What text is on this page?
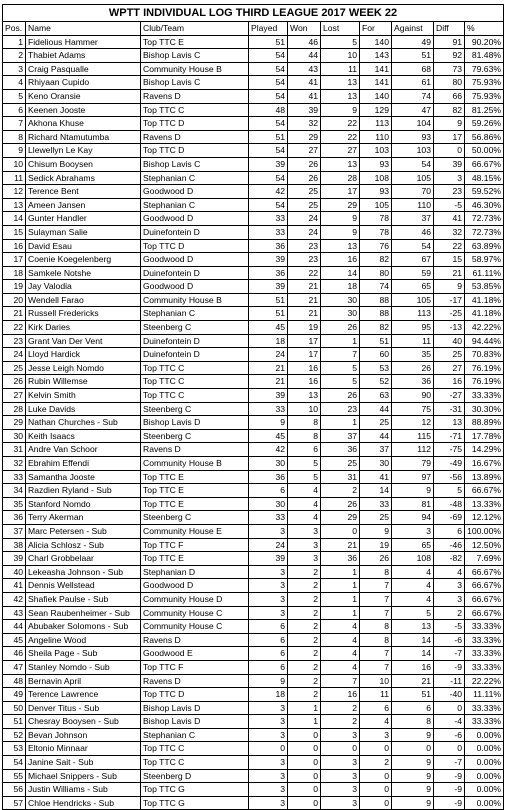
WPTT INDIVIDUAL LOG THIRD LEAGUE 2017 WEEK 22									
Pos.	Name	Club/Team	Played	Won	Lost	For	Against	Diff	%
1	Fidelious Hammer	Top TTC E	51	46	5	140	49	91	90.20%
2	Thabiet Adams	Bishop Lavis C	54	44	10	143	51	92	81.48%
3	Craig Pasqualle	Community House B	54	43	11	141	68	73	79.63%
4	Rhiyaan Cupido	Bishop Lavis C	54	41	13	141	61	80	75.93%
5	Keno Oransie	Ravens D	54	41	13	140	74	66	75.93%
6	Keenen Jooste	Top TTC C	48	39	9	129	47	82	81.25%
7	Akhona Khuse	Top TTC D	54	32	22	113	104	9	59.26%
8	Richard Ntamutumba	Ravens D	51	29	22	110	93	17	56.86%
9	Llewellyn Le Kay	Top TTC D	54	27	27	103	103	0	50.00%
10	Chisum Booysen	Bishop Lavis C	39	26	13	93	54	39	66.67%
11	Sedick Abrahams	Stephanian C	54	26	28	108	105	3	48.15%
12	Terence Bent	Goodwood D	42	25	17	93	70	23	59.52%
13	Ameen Jansen	Stephanian C	54	25	29	105	110	-5	46.30%
14	Gunter Handler	Goodwood D	33	24	9	78	37	41	72.73%
15	Sulayman Salie	Duinefontein D	33	24	9	78	46	32	72.73%
16	David Esau	Top TTC D	36	23	13	76	54	22	63.89%
17	Coenie Koegelenberg	Goodwood D	39	23	16	82	67	15	58.97%
18	Samkele Notshe	Duinefontein D	36	22	14	80	59	21	61.11%
19	Jay Valodia	Goodwood D	39	21	18	74	65	9	53.85%
20	Wendell Farao	Community House B	51	21	30	88	105	-17	41.18%
21	Russell Fredericks	Stephanian C	51	21	30	88	113	-25	41.18%
22	Kirk Daries	Steenberg C	45	19	26	82	95	-13	42.22%
23	Grant Van Der Vent	Duinefontein D	18	17	1	51	11	40	94.44%
24	Lloyd Hardick	Duinefontein D	24	17	7	60	35	25	70.83%
25	Jesse Leigh Nomdo	Top TTC C	21	16	5	53	26	27	76.19%
26	Rubin Willemse	Top TTC C	21	16	5	52	36	16	76.19%
27	Kelvin Smith	Top TTC C	39	13	26	63	90	-27	33.33%
28	Luke Davids	Steenberg C	33	10	23	44	75	-31	30.30%
29	Nathan Churches - Sub	Bishop Lavis D	9	8	1	25	12	13	88.89%
30	Keith Isaacs	Steenberg C	45	8	37	44	115	-71	17.78%
31	Andre Van Schoor	Ravens D	42	6	36	37	112	-75	14.29%
32	Ebrahim Effendi	Community House B	30	5	25	30	79	-49	16.67%
33	Samantha Jooste	Top TTC E	36	5	31	41	97	-56	13.89%
34	Razdien Ryland - Sub	Top TTC E	6	4	2	14	9	5	66.67%
35	Stanford Nomdo	Top TTC E	30	4	26	33	81	-48	13.33%
36	Terry Akerman	Steenberg C	33	4	29	25	94	-69	12.12%
37	Marc Petersen - Sub	Community House E	3	3	0	9	3	6	100.00%
38	Alicia Schlosz - Sub	Top TTC F	24	3	21	19	65	-46	12.50%
39	Charl Grobbelaar	Top TTC E	39	3	36	26	108	-82	7.69%
40	Lekeasha Johnson - Sub	Stephanian D	3	2	1	8	4	4	66.67%
41	Dennis Wellstead	Goodwood D	3	2	1	7	4	3	66.67%
42	Shafiek Paulse - Sub	Community House D	3	2	1	7	4	3	66.67%
43	Sean Raubenheimer - Sub	Community House C	3	2	1	7	5	2	66.67%
44	Abubaker Solomons - Sub	Community House C	6	2	4	8	13	-5	33.33%
45	Angeline Wood	Ravens D	6	2	4	8	14	-6	33.33%
46	Sheila Page - Sub	Goodwood E	6	2	4	7	14	-7	33.33%
47	Stanley Nomdo - Sub	Top TTC F	6	2	4	7	16	-9	33.33%
48	Bernavin April	Ravens D	9	2	7	10	21	-11	22.22%
49	Terence Lawrence	Top TTC D	18	2	16	11	51	-40	11.11%
50	Denver Titus - Sub	Bishop Lavis D	3	1	2	6	6	0	33.33%
51	Chesray Booysen - Sub	Bishop Lavis D	3	1	2	4	8	-4	33.33%
52	Bevan Johnson	Stephanian C	3	0	3	3	9	-6	0.00%
53	Eltonio Minnaar	Top TTC C	0	0	0	0	0	0	0.00%
54	Janine Sait - Sub	Top TTC C	3	0	3	2	9	-7	0.00%
55	Michael Snippers - Sub	Steenberg D	3	0	3	0	9	-9	0.00%
56	Justin Williams - Sub	Top TTC G	3	0	3	0	9	-9	0.00%
57	Chloe Hendricks - Sub	Top TTC G	3	0	3	0	9	-9	0.00%
